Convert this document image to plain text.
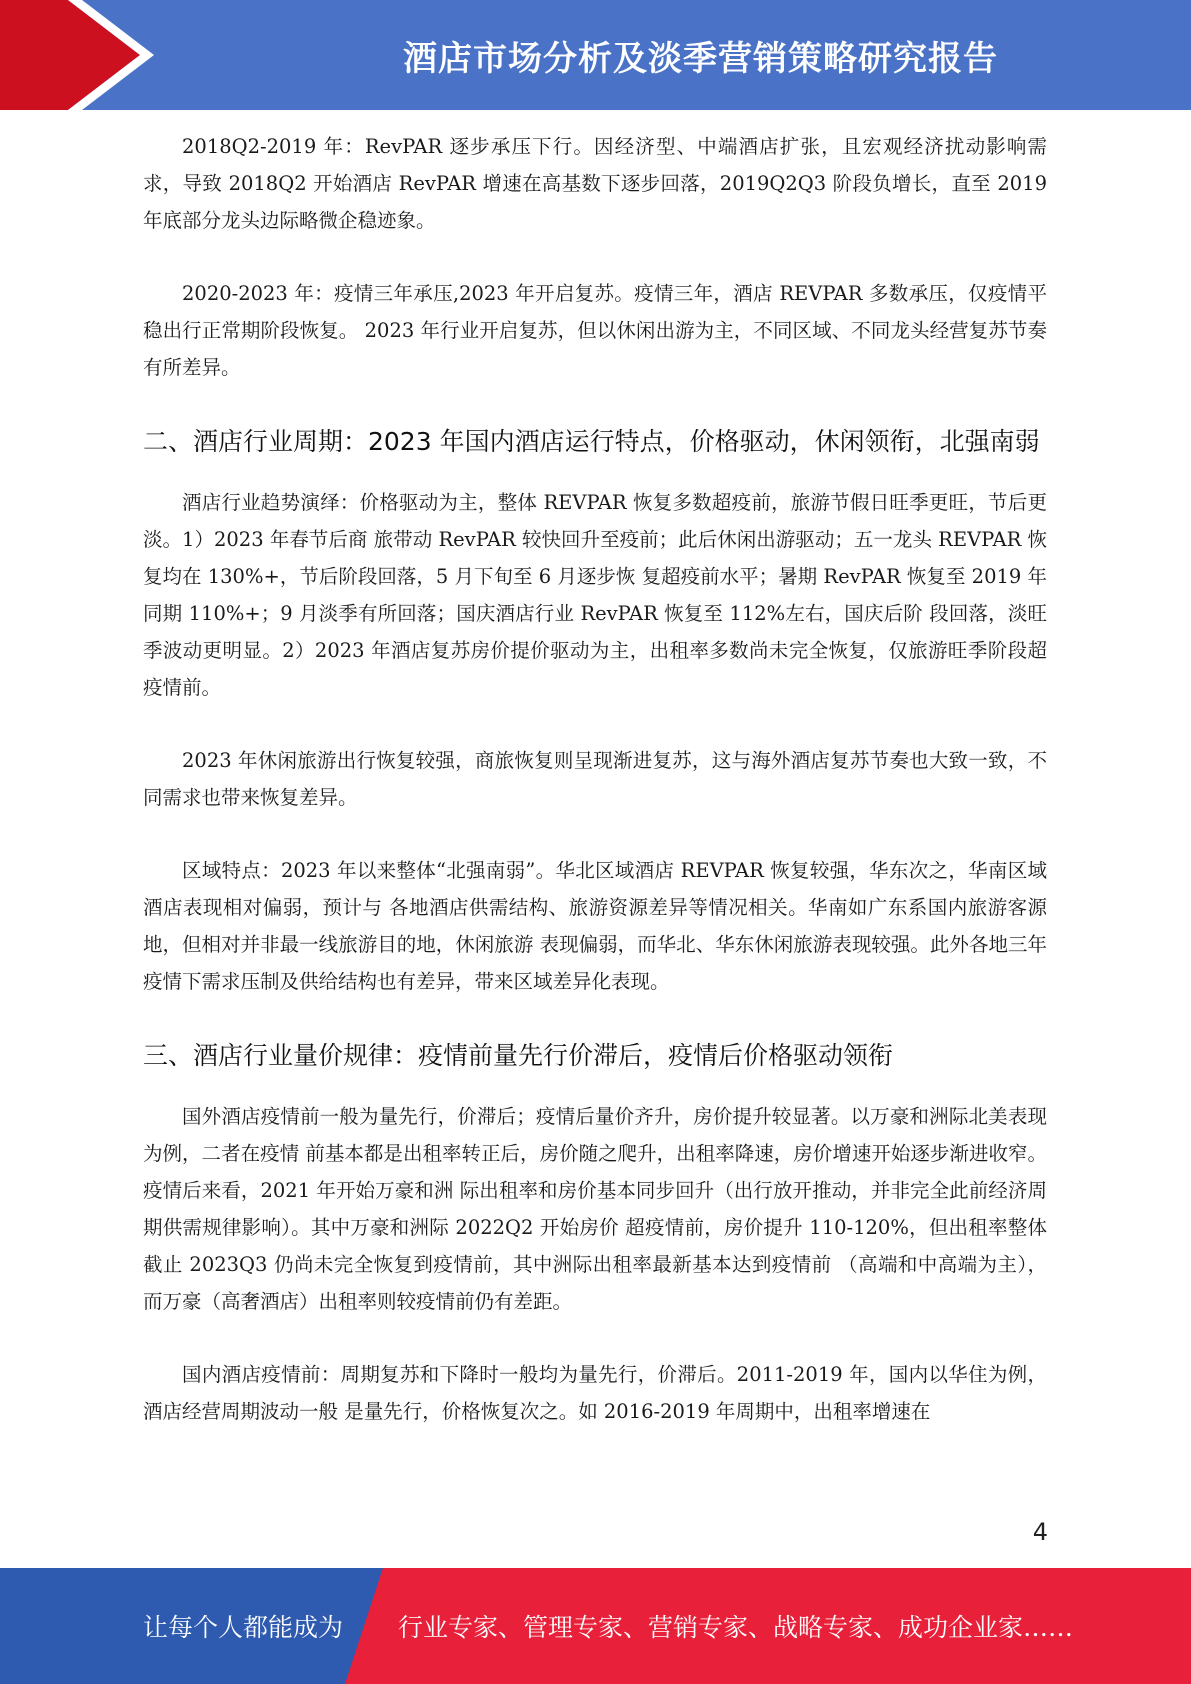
酒店市场分析及淡季营销策略研究报告

2018Q2-2019 年：RevPAR 逐步承压下行。因经济型、中端酒店扩张，且宏观经济扰动影响需求，导致 2018Q2 开始酒店 RevPAR 增速在高基数下逐步回落，2019Q2Q3 阶段负增长，直至 2019 年底部分龙头边际略微企稳迹象。

2020-2023 年：疫情三年承压,2023 年开启复苏。疫情三年，酒店 REVPAR 多数承压，仅疫情平稳出行正常期阶段恢复。 2023 年行业开启复苏，但以休闲出游为主，不同区域、不同龙头经营复苏节奏有所差异。

二、酒店行业周期：2023 年国内酒店运行特点，价格驱动，休闲领衔，北强南弱

酒店行业趋势演绎：价格驱动为主，整体 REVPAR 恢复多数超疫前，旅游节假日旺季更旺，节后更淡。1）2023 年春节后商 旅带动 RevPAR 较快回升至疫前；此后休闲出游驱动；五一龙头 REVPAR 恢复均在 130%+，节后阶段回落，5 月下旬至 6 月逐步恢 复超疫前水平；暑期 RevPAR 恢复至 2019 年同期 110%+；9 月淡季有所回落；国庆酒店行业 RevPAR 恢复至 112%左右，国庆后阶 段回落，淡旺季波动更明显。2）2023 年酒店复苏房价提价驱动为主，出租率多数尚未完全恢复，仅旅游旺季阶段超疫情前。

2023 年休闲旅游出行恢复较强，商旅恢复则呈现渐进复苏，这与海外酒店复苏节奏也大致一致，不同需求也带来恢复差异。

区域特点：2023 年以来整体“北强南弱”。华北区域酒店 REVPAR 恢复较强，华东次之，华南区域酒店表现相对偏弱，预计与 各地酒店供需结构、旅游资源差异等情况相关。华南如广东系国内旅游客源地，但相对并非最一线旅游目的地，休闲旅游 表现偏弱，而华北、华东休闲旅游表现较强。此外各地三年疫情下需求压制及供给结构也有差异，带来区域差异化表现。

三、酒店行业量价规律：疫情前量先行价滞后，疫情后价格驱动领衔

国外酒店疫情前一般为量先行，价滞后；疫情后量价齐升，房价提升较显著。以万豪和洲际北美表现为例，二者在疫情 前基本都是出租率转正后，房价随之爬升，出租率降速，房价增速开始逐步渐进收窄。疫情后来看，2021 年开始万豪和洲 际出租率和房价基本同步回升（出行放开推动，并非完全此前经济周期供需规律影响）。其中万豪和洲际 2022Q2 开始房价 超疫情前，房价提升 110-120%，但出租率整体截止 2023Q3 仍尚未完全恢复到疫情前，其中洲际出租率最新基本达到疫情前 （高端和中高端为主），而万豪（高奢酒店）出租率则较疫情前仍有差距。

国内酒店疫情前：周期复苏和下降时一般均为量先行，价滞后。2011-2019 年，国内以华住为例，酒店经营周期波动一般 是量先行，价格恢复次之。如 2016-2019 年周期中，出租率增速在

4
让每个人都能成为 行业专家、管理专家、营销专家、战略专家、成功企业家……
